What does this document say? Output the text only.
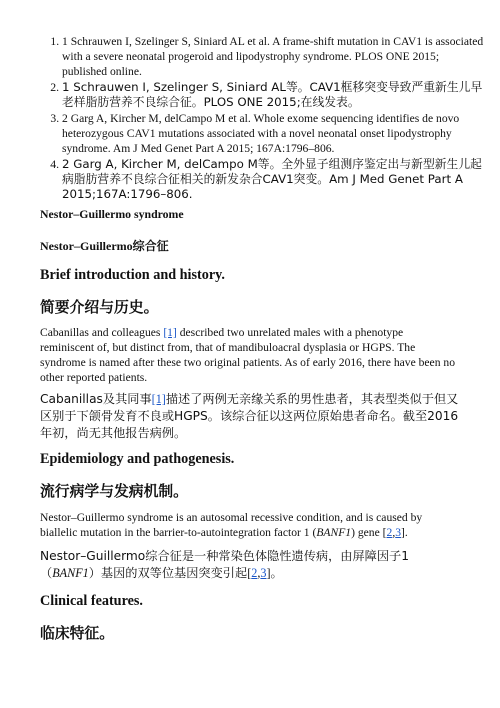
1. 1 Schrauwen I, Szelinger S, Siniard AL et al. A frame-shift mutation in CAV1 is associated with a severe neonatal progeroid and lipodystrophy syndrome. PLOS ONE 2015; published online.
2. 1 Schrauwen I, Szelinger S, Siniard AL等。CAV1框移突变导致严重新生儿早老样脂肪营养不良综合征。PLOS ONE 2015;在线发表。
3. 2 Garg A, Kircher M, delCampo M et al. Whole exome sequencing identifies de novo heterozygous CAV1 mutations associated with a novel neonatal onset lipodystrophy syndrome. Am J Med Genet Part A 2015; 167A:1796–806.
4. 2 Garg A, Kircher M, delCampo M等。全外显子组测序鉴定出与新型新生儿起病脂肪营养不良综合征相关的新发杂合CAV1突变。Am J Med Genet Part A 2015;167A:1796–806.

Nestor–Guillermo syndrome

Nestor–Guillermo综合征

Brief introduction and history.

简要介绍与历史。

Cabanillas and colleagues [1] described two unrelated males with a phenotype reminiscent of, but distinct from, that of mandibuloacral dysplasia or HGPS. The syndrome is named after these two original patients. As of early 2016, there have been no other reported patients.

Cabanillas及其同事[1]描述了两例无亲缘关系的男性患者，其表型类似于但又区别于下颌骨发育不良或HGPS。该综合征以这两位原始患者命名。截至2016年初，尚无其他报告病例。

Epidemiology and pathogenesis.

流行病学与发病机制。

Nestor–Guillermo syndrome is an autosomal recessive condition, and is caused by biallelic mutation in the barrier-to-autointegration factor 1 (BANF1) gene [2,3].

Nestor–Guillermo综合征是一种常染色体隐性遗传病，由屏障因子1（BANF1）基因的双等位基因突变引起[2,3]。

Clinical features.

临床特征。
